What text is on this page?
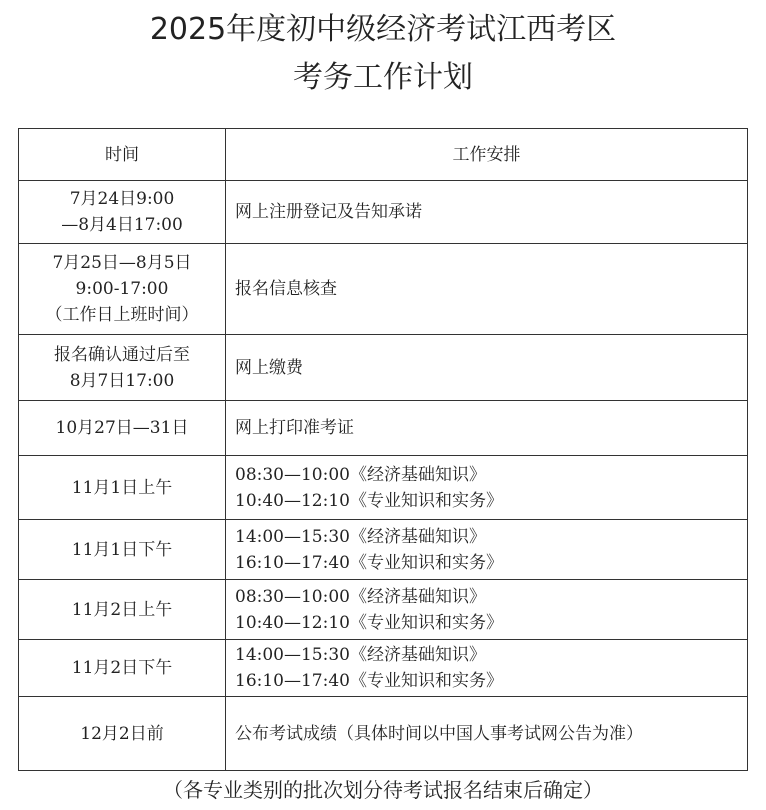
2025年度初中级经济考试江西考区
考务工作计划
时间	工作安排

7月24日9:00
—8月4日17:00	网上注册登记及告知承诺

7月25日—8月5日
9:00-17:00
（工作日上班时间）	报名信息核查

报名确认通过后至
8月7日17:00	网上缴费

10月27日—31日	网上打印准考证

11月1日上午	08:30—10:00《经济基础知识》
10:40—12:10《专业知识和实务》

11月1日下午	14:00—15:30《经济基础知识》
16:10—17:40《专业知识和实务》

11月2日上午	08:30—10:00《经济基础知识》
10:40—12:10《专业知识和实务》

11月2日下午	14:00—15:30《经济基础知识》
16:10—17:40《专业知识和实务》

12月2日前	公布考试成绩（具体时间以中国人事考试网公告为准）
（各专业类别的批次划分待考试报名结束后确定）
